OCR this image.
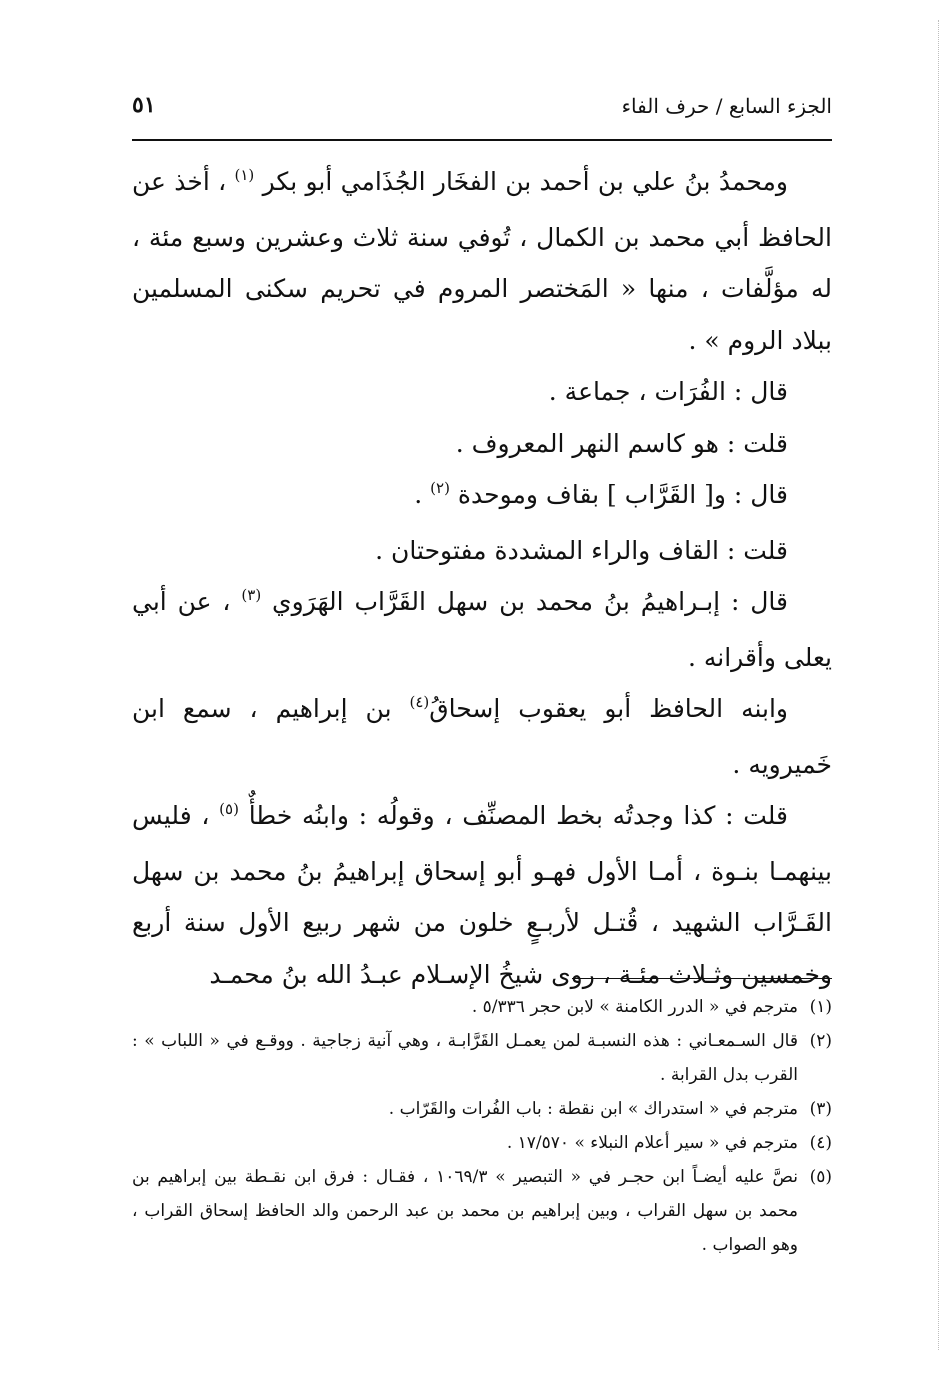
الجزء السابع / حرف الفاء
٥١

ومحمدُ بنُ علي بن أحمد بن الفخَار الجُذَامي أبو بكر $^{(١)}$ ، أخذ عن الحافظ أبي محمد بن الكمال ، تُوفي سنة ثلاث وعشرين وسبع مئة ، له مؤلَّفات ، منها « المَختصر المروم في تحريم سكنى المسلمين ببلاد الروم » .

قال : الفُرَات ، جماعة .

قلت : هو كاسم النهر المعروف .

قال : و[ القَرَّاب ] بقاف وموحدة $^{(٢)}$ .

قلت : القاف والراء المشددة مفتوحتان .

قال : إبـراهيمُ بنُ محمد بن سهل القَرَّاب الهَرَوي $^{(٣)}$ ، عن أبي يعلى وأقرانه .

وابنه الحافظ أبو يعقوب إسحاقُ$^{(٤)}$ بن إبراهيم ، سمع ابن خَميرويه .

قلت : كذا وجدتُه بخط المصنِّف ، وقولُه : وابنُه خطأٌ $^{(٥)}$ ، فليس بينهمـا بنـوة ، أمـا الأول فهـو أبو إسحاق إبراهيمُ بنُ محمد بن سهل القَـرَّاب الشهيد ، قُتـل لأربـعٍ خلون من شهر ربيع الأول سنة أربع وخمسين وثـلاث مئـة ، روى شيخُ الإسـلام عبـدُ الله بنُ محمـد

(١)
مترجم في « الدرر الكامنة » لابن حجر ٥/٣٣٦ .

(٢)
قال السـمعـاني : هذه النسبـة لمن يعمـل القَرَّابـة ، وهي آنية زجاجية . ووقـع في « اللباب » : القرب بدل القرابة .

(٣)
مترجم في « استدراك » ابن نقطة : باب الفُرات والقَرّاب .

(٤)
مترجم في « سير أعلام النبلاء » ١٧/٥٧٠ .

(٥)
نصَّ عليه أيضـاً ابن حجـر في « التبصير » ١٠٦٩/٣ ، فقـال : فرق ابن نقـطة بين إبراهيم بن محمد بن سهل القراب ، وبين إبراهيم بن محمد بن عبد الرحمن والد الحافظ إسحاق القراب ، وهو الصواب .
